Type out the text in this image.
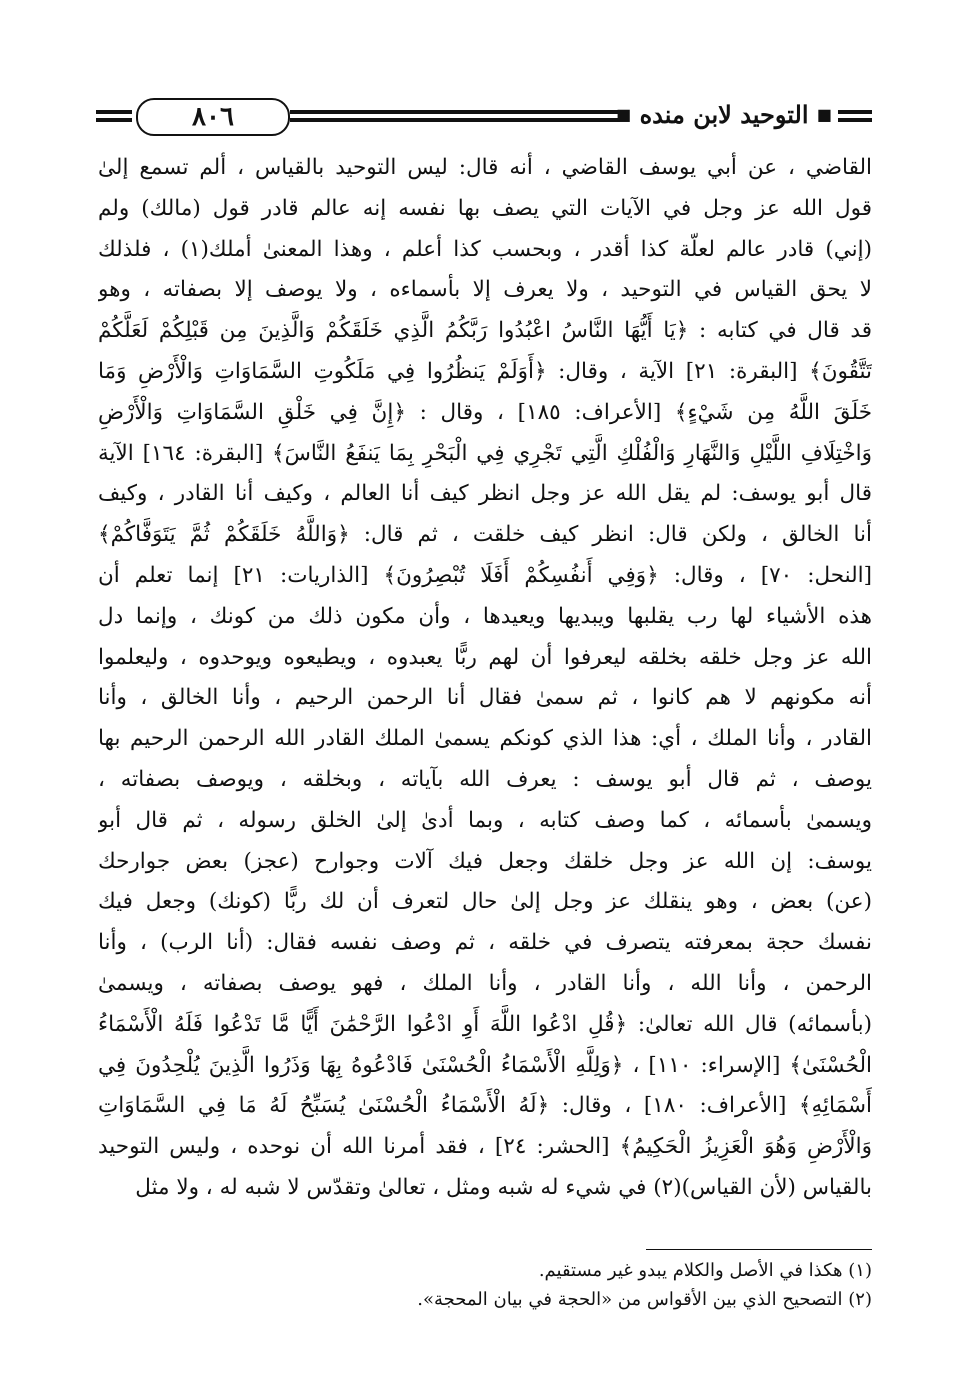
٨٠٦	■ التوحيد لابن منده ■
القاضي ، عن أبي يوسف القاضي ، أنه قال: ليس التوحيد بالقياس ، ألم تسمع إلىٰ
قول الله عز وجل في الآيات التي يصف بها نفسه إنه عالم قادر قول (مالك) ولم
(إني) قادر عالم لعلّة كذا أقدر ، وبحسب كذا أعلم ، وهذا المعنىٰ أملك(١) ، فلذلك
لا يحق القياس في التوحيد ، ولا يعرف إلا بأسماءه ، ولا يوصف إلا بصفاته ، وهو
قد قال في كتابه : ﴿يَا أَيُّهَا النَّاسُ اعْبُدُوا رَبَّكُمُ الَّذِي خَلَقَكُمْ وَالَّذِينَ مِن قَبْلِكُمْ لَعَلَّكُمْ
تَتَّقُونَ﴾ [البقرة: ٢١] الآية ، وقال: ﴿أَوَلَمْ يَنظُرُوا فِي مَلَكُوتِ السَّمَاوَاتِ وَالْأَرْضِ وَمَا
خَلَقَ اللَّهُ مِن شَيْءٍ﴾ [الأعراف: ١٨٥] ، وقال : ﴿إِنَّ فِي خَلْقِ السَّمَاوَاتِ وَالْأَرْضِ
وَاخْتِلَافِ اللَّيْلِ وَالنَّهَارِ وَالْفُلْكِ الَّتِي تَجْرِي فِي الْبَحْرِ بِمَا يَنفَعُ النَّاسَ﴾ [البقرة: ١٦٤] الآية
قال أبو يوسف: لم يقل الله عز وجل انظر كيف أنا العالم ، وكيف أنا القادر ، وكيف
أنا الخالق ، ولكن قال: انظر كيف خلقت ، ثم قال: ﴿وَاللَّهُ خَلَقَكُمْ ثُمَّ يَتَوَفَّاكُمْ﴾
[النحل: ٧٠] ، وقال: ﴿وَفِي أَنفُسِكُمْ أَفَلَا تُبْصِرُونَ﴾ [الذاريات: ٢١] إنما تعلم أن
هذه الأشياء لها رب يقلبها ويبديها ويعيدها ، وأن مكون ذلك من كونك ، وإنما دل
الله عز وجل خلقه بخلقه ليعرفوا أن لهم ربًّا يعبدوه ، ويطيعوه ويوحدوه ، وليعلموا
أنه مكونهم لا هم كانوا ، ثم سمىٰ فقال أنا الرحمن الرحيم ، وأنا الخالق ، وأنا
القادر ، وأنا الملك ، أي: هذا الذي كونكم يسمىٰ الملك القادر الله الرحمن الرحيم بها
يوصف ، ثم قال أبو يوسف : يعرف الله بآياته ، وبخلقه ، ويوصف بصفاته ،
ويسمىٰ بأسمائه ، كما وصف كتابه ، وبما أدىٰ إلىٰ الخلق رسوله ، ثم قال أبو
يوسف: إن الله عز وجل خلقك وجعل فيك آلات وجوارح (عجز) بعض جوارحك
(عن) بعض ، وهو ينقلك عز وجل إلىٰ حال لتعرف أن لك ربًّا (كونك) وجعل فيك
نفسك حجة بمعرفته يتصرف في خلقه ، ثم وصف نفسه فقال: (أنا الرب) ، وأنا
الرحمن ، وأنا الله ، وأنا القادر ، وأنا الملك ، فهو يوصف بصفاته ، ويسمىٰ
(بأسمائه) قال الله تعالىٰ: ﴿قُلِ ادْعُوا اللَّهَ أَوِ ادْعُوا الرَّحْمَٰنَ أَيًّا مَّا تَدْعُوا فَلَهُ الْأَسْمَاءُ
الْحُسْنَىٰ﴾ [الإسراء: ١١٠] ، ﴿وَلِلَّهِ الْأَسْمَاءُ الْحُسْنَىٰ فَادْعُوهُ بِهَا وَذَرُوا الَّذِينَ يُلْحِدُونَ فِي
أَسْمَائِهِ﴾ [الأعراف: ١٨٠] ، وقال: ﴿لَهُ الْأَسْمَاءُ الْحُسْنَىٰ يُسَبِّحُ لَهُ مَا فِي السَّمَاوَاتِ
وَالْأَرْضِ وَهُوَ الْعَزِيزُ الْحَكِيمُ﴾ [الحشر: ٢٤] ، فقد أمرنا الله أن نوحده ، وليس التوحيد
بالقياس (لأن القياس)(٢) في شيء له شبه ومثل ، تعالىٰ وتقدّس لا شبه له ، ولا مثل
(١) هكذا في الأصل والكلام يبدو غير مستقيم.
(٢) التصحيح الذي بين الأقواس من «الحجة في بيان المحجة».
